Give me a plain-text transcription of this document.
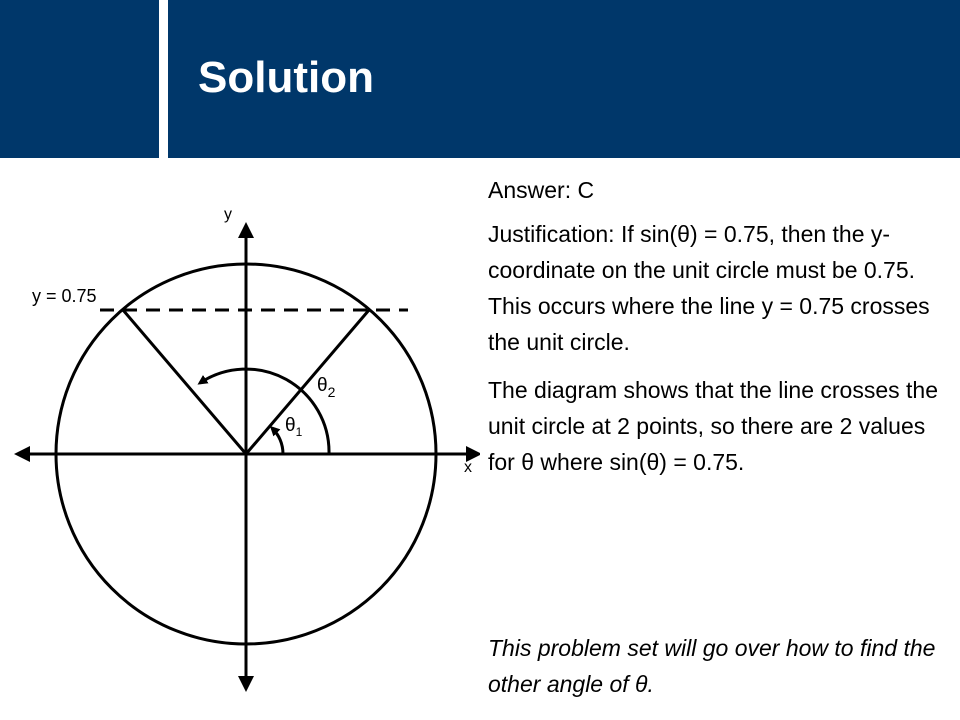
Solution
y
x
y = 0.75
$\theta_1$
$\theta_2$

Answer: C

Justification: If sin(θ) = 0.75, then the y-coordinate on the unit circle must be 0.75. This occurs where the line y = 0.75 crosses the unit circle.

The diagram shows that the line crosses the unit circle at 2 points, so there are 2 values for θ where sin(θ) = 0.75.

This problem set will go over how to find the other angle of θ.
